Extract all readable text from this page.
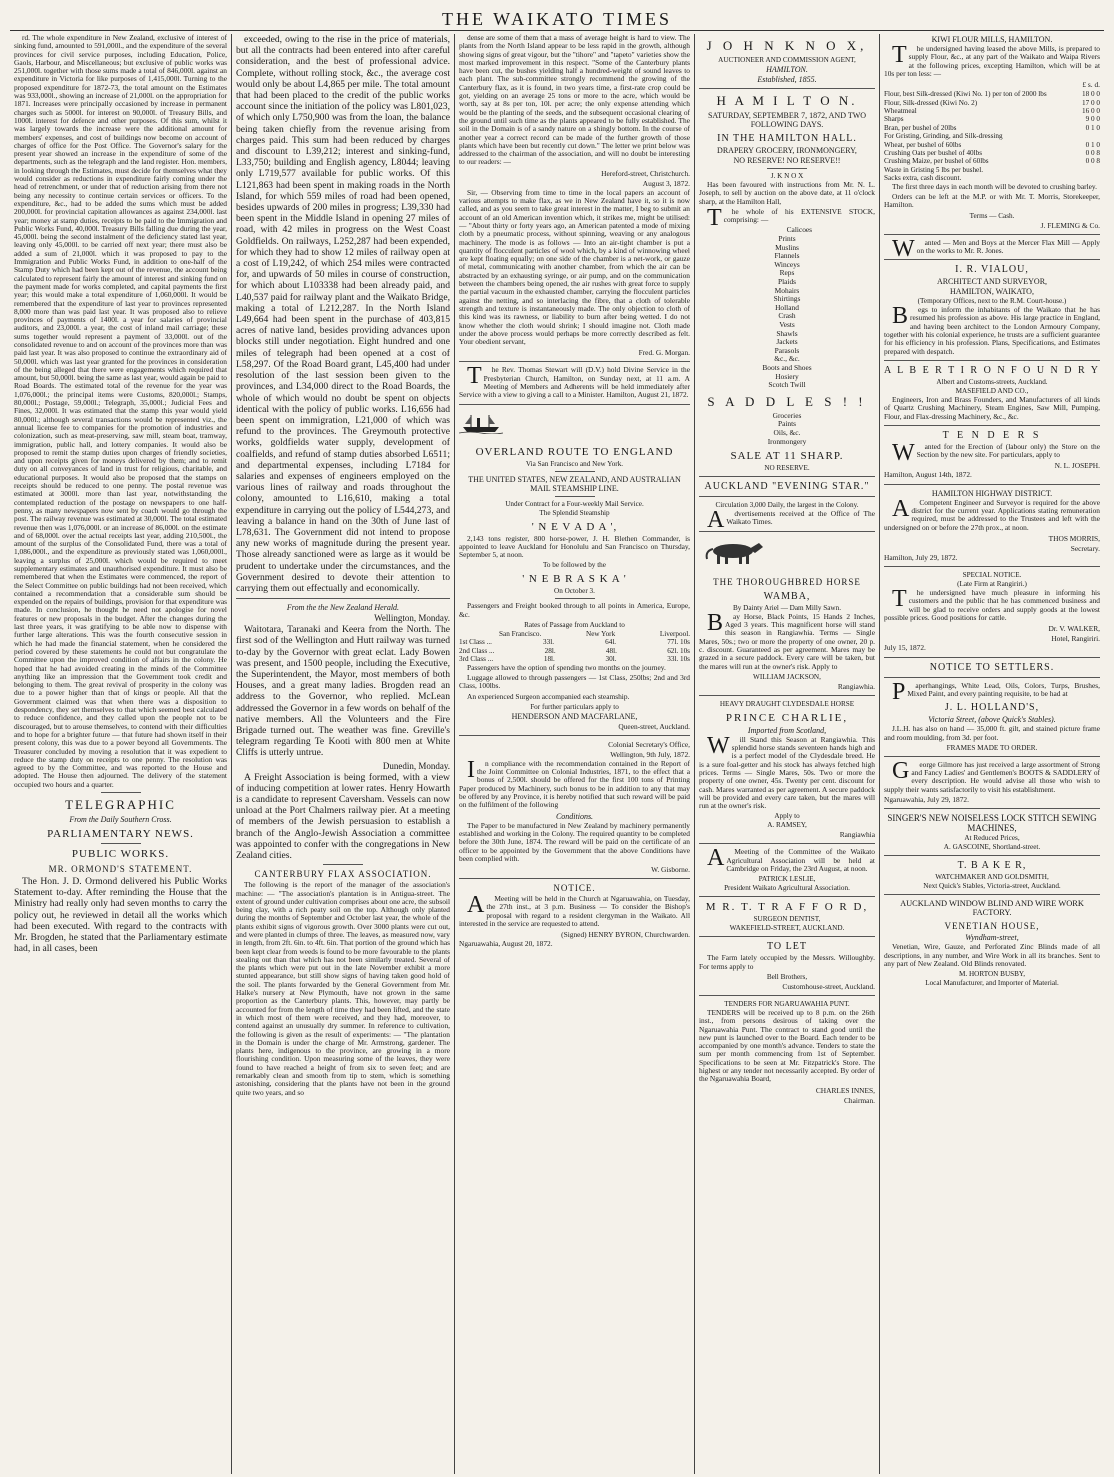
THE WAIKATO TIMES

rd. The whole expenditure in New Zealand, exclusive of interest of sinking fund, amounted to 591,000l., and the expenditure of the several provinces for civil service purposes, including Education, Police, Gaols, Harbour, and Miscellaneous; but exclusive of public works was 251,000l. together with those sums made a total of 846,000l. against an expenditure in Victoria for like purposes of 1,415,000l. Turning to the proposed expenditure for 1872-73, the total amount on the Estimates was 933,000l., showing an increase of 21,000l. on the appropriation for 1871. Increases were principally occasioned by increase in permanent charges such as 5000l. for interest on 90,000l. of Treasury Bills, and 1000l. interest for defence and other purposes. Of this sum, whilst it was largely towards the increase were the additional amount for members' expenses, and cost of buildings now become on account of charges of office for the Post Office. The Governor's salary for the present year showed an increase in the expenditure of some of the departments, such as the telegraph and the land register. Hon. members, in looking through the Estimates, must decide for themselves what they would consider as reductions in expenditure fairly coming under the head of retrenchment, or under that of reduction arising from there not being any necessity to continue certain services or officers. To the expenditure, &c., had to be added the sums which must be added 200,000l. for provincial capitation allowances as against 234,000l. last year; money at stamp duties, receipts to be paid to the Immigration and Public Works Fund, 40,000l. Treasury Bills falling due during the year, 45,000l. being the second instalment of the deficiency stated last year, leaving only 45,000l. to be carried off next year; there must also be added a sum of 21,000l. which it was proposed to pay to the Immigration and Public Works Fund, in addition to one-half of the Stamp Duty which had been kept out of the revenue, the account being calculated to represent fairly the amount of interest and sinking fund on the payment made for works completed, and capital payments the first year; this would make a total expenditure of 1,060,000l. It would be remembered that the expenditure of last year to provinces represented 8,000 more than was paid last year. It was proposed also to relieve provinces of payments of 1400l. a year for salaries of provincial auditors, and 23,000l. a year, the cost of inland mail carriage; these sums together would represent a payment of 33,000l. out of the consolidated revenue to and on account of the provinces more than was paid last year. It was also proposed to continue the extraordinary aid of 50,000l. which was last year granted for the provinces in consideration of the being alleged that there were engagements which required that amount, but 50,000l. being the same as last year, would again be paid to Road Boards. The estimated total of the revenue for the year was 1,076,000l.; the principal items were Customs, 820,000l.; Stamps, 80,000l.; Postage, 59,000l.; Telegraph, 35,000l.; Judicial Fees and Fines, 32,000l. It was estimated that the stamp this year would yield 80,000l.; although several transactions would be represented viz., the annual license fee to companies for the promotion of industries and colonization, such as meat-preserving, saw mill, steam boat, tramway, immigration, public hall, and lottery companies. It would also be proposed to remit the stamp duties upon charges of friendly societies, and upon receipts given for moneys delivered by them; and to remit duty on all conveyances of land in trust for religious, charitable, and educational purposes. It would also be proposed that the stamps on receipts should be reduced to one penny. The postal revenue was estimated at 3000l. more than last year, notwithstanding the contemplated reduction of the postage on newspapers to one half-penny, as many newspapers now sent by coach would go through the post. The railway revenue was estimated at 30,000l. The total estimated revenue then was 1,076,000l. or an increase of 86,000l. on the estimate and of 68,000l. over the actual receipts last year, adding 210,500l., the amount of the surplus of the Consolidated Fund, there was a total of 1,086,000l., and the expenditure as previously stated was 1,060,000l., leaving a surplus of 25,000l. which would be required to meet supplementary estimates and unauthorised expenditure. It must also be remembered that when the Estimates were commenced, the report of the Select Committee on public buildings had not been received, which contained a recommendation that a considerable sum should be expended on the repairs of buildings, provision for that expenditure was made. In conclusion, he thought he need not apologise for novel features or new proposals in the budget. After the changes during the last three years, it was gratifying to be able now to dispense with further large alterations. This was the fourth consecutive session in which he had made the financial statement, when he considered the period covered by these statements he could not but congratulate the Committee upon the improved condition of affairs in the colony. He hoped that he had avoided creating in the minds of the Committee anything like an impression that the Government took credit and belonging to them. The great revival of prosperity in the colony was due to a power higher than that of kings or people. All that the Government claimed was that when there was a disposition to despondency, they set themselves to that which seemed best calculated to reduce confidence, and they called upon the people not to be discouraged, but to arouse themselves, to contend with their difficulties and to hope for a brighter future — that future had shown itself in their present colony, this was due to a power beyond all Governments. The Treasurer concluded by moving a resolution that it was expedient to reduce the stamp duty on receipts to one penny. The resolution was agreed to by the Committee, and was reported to the House and adopted. The House then adjourned. The delivery of the statement occupied two hours and a quarter.

TELEGRAPHIC
From the Daily Southern Cross.
PARLIAMENTARY NEWS.
PUBLIC WORKS.
MR. ORMOND'S STATEMENT.

The Hon. J. D. Ormond delivered his Public Works Statement to-day. After reminding the House that the Ministry had really only had seven months to carry the policy out, he reviewed in detail all the works which had been executed. With regard to the contracts with Mr. Brogden, he stated that the Parliamentary estimate had, in all cases, been

exceeded, owing to the rise in the price of materials, but all the contracts had been entered into after careful consideration, and the best of professional advice. Complete, without rolling stock, &c., the average cost would only be about L4,865 per mile. The total amount that had been placed to the credit of the public works account since the initiation of the policy was L801,023, of which only L750,900 was from the loan, the balance being taken chiefly from the revenue arising from charges paid. This sum had been reduced by charges and discount to L39,212; interest and sinking-fund, L33,750; building and English agency, L8044; leaving only L719,577 available for public works. Of this L121,863 had been spent in making roads in the North Island, for which 559 miles of road had been opened, besides upwards of 200 miles in progress; L39,330 had been spent in the Middle Island in opening 27 miles of road, with 42 miles in progress on the West Coast Goldfields. On railways, L252,287 had been expended, for which they had to show 12 miles of railway open at a cost of L19,242, of which 254 miles were contracted for, and upwards of 50 miles in course of construction, for which about L103338 had been already paid, and L40,537 paid for railway plant and the Waikato Bridge, making a total of L212,287. In the North Island L49,664 had been spent in the purchase of 403,815 acres of native land, besides providing advances upon blocks still under negotiation. Eight hundred and one miles of telegraph had been opened at a cost of L58,297. Of the Road Board grant, L45,400 had under resolution of the last session been given to the provinces, and L34,000 direct to the Road Boards, the whole of which would no doubt be spent on objects identical with the policy of public works. L16,656 had been spent on immigration, L21,000 of which was refund to the provinces. The Greymouth protective works, goldfields water supply, development of coalfields, and refund of stamp duties absorbed L6511; and departmental expenses, including L7184 for salaries and expenses of engineers employed on the various lines of railway and roads throughout the colony, amounted to L16,610, making a total expenditure in carrying out the policy of L544,273, and leaving a balance in hand on the 30th of June last of L78,631. The Government did not intend to propose any new works of magnitude during the present year. Those already sanctioned were as large as it would be prudent to undertake under the circumstances, and the Government desired to devote their attention to carrying them out effectually and economically.

From the the New Zealand Herald.
Wellington, Monday.

Waitotara, Taranaki and Keera from the North. The first sod of the Wellington and Hutt railway was turned to-day by the Governor with great eclat. Lady Bowen was present, and 1500 people, including the Executive, the Superintendent, the Mayor, most members of both Houses, and a great many ladies. Brogden read an address to the Governor, who replied. McLean addressed the Governor in a few words on behalf of the native members. All the Volunteers and the Fire Brigade turned out. The weather was fine. Greville's telegram regarding Te Kooti with 800 men at White Cliffs is utterly untrue.

Dunedin, Monday.

A Freight Association is being formed, with a view of inducing competition at lower rates. Henry Howarth is a candidate to represent Caversham. Vessels can now unload at the Port Chalmers railway pier. At a meeting of members of the Jewish persuasion to establish a branch of the Anglo-Jewish Association a committee was appointed to confer with the congregations in New Zealand cities.

CANTERBURY FLAX ASSOCIATION.

The following is the report of the manager of the association's machine: — "The association's plantation is in Antigua-street. The extent of ground under cultivation comprises about one acre, the subsoil being clay, with a rich peaty soil on the top. Although only planted during the months of September and October last year, the whole of the plants exhibit signs of vigorous growth. Over 3000 plants were cut out, and were planted in clumps of three. The leaves, as measured now, vary in length, from 2ft. 6in. to 4ft. 6in. That portion of the ground which has been kept clear from weeds is found to be more favourable to the plants stealing out than that which has not been similarly treated. Several of the plants which were put out in the late November exhibit a more stunted appearance, but still show signs of having taken good hold of the soil. The plants forwarded by the General Government from Mr. Halke's nursery at New Plymouth, have not grown in the same proportion as the Canterbury plants. This, however, may partly be accounted for from the length of time they had been lifted, and the state in which most of them were received, and they had, moreover, to contend against an unusually dry summer. In reference to cultivation, the following is given as the result of experiments: — "The plantation in the Domain is under the charge of Mr. Armstrong, gardener. The plants here, indigenous to the province, are growing in a more flourishing condition. Upon measuring some of the leaves, they were found to have reached a height of from six to seven feet; and are remarkably clean and smooth from tip to stem, which is something astonishing, considering that the plants have not been in the ground quite two years, and so

dense are some of them that a mass of average height is hard to view. The plants from the North Island appear to be less rapid in the growth, although showing signs of great vigour, but the "tihore" and "tapeto" varieties show the most marked improvement in this respect. "Some of the Canterbury plants have been cut, the bushes yielding half a hundred-weight of sound leaves to each plant. The sub-committee strongly recommend the growing of the Canterbury flax, as it is found, in two years time, a first-rate crop could be got, yielding on an average 25 tons or more to the acre, which would be worth, say at 8s per ton, 10l. per acre; the only expense attending which would be the planting of the seeds, and the subsequent occasional clearing of the ground until such time as the plants appeared to be fully established. The soil in the Domain is of a sandy nature on a shingly bottom. In the course of another year a correct record can be made of the further growth of those plants which have been but recently cut down." The letter we print below was addressed to the chairman of the association, and will no doubt be interesting to our readers: —

Hereford-street, Christchurch.
August 3, 1872.

Sir, — Observing from time to time in the local papers an account of various attempts to make flax, as we in New Zealand have it, so it is now called, and as you seem to take great interest in the matter, I beg to submit an account of an old American invention which, it strikes me, might be utilised: — "About thirty or forty years ago, an American patented a mode of mixing cloth by a pneumatic process, without spinning, weaving or any analogous machinery. The mode is as follows — Into an air-tight chamber is put a quantity of flocculent particles of wool which, by a kind of winnowing wheel are kept floating equally; on one side of the chamber is a net-work, or gauze of metal, communicating with another chamber, from which the air can be abstracted by an exhausting syringe, or air pump, and on the communication between the chambers being opened, the air rushes with great force to supply the partial vacuum in the exhausted chamber, carrying the flocculent particles against the netting, and so interlacing the fibre, that a cloth of tolerable strength and texture is instantaneously made. The only objection to cloth of this kind was its rawness, or liability to burn after being wetted. I do not know whether the cloth would shrink; I should imagine not. Cloth made under the above process would perhaps be more correctly described as felt. Your obedient servant,

Fred. G. Morgan.

The Rev. Thomas Stewart will (D.V.) hold Divine Service in the Presbyterian Church, Hamilton, on Sunday next, at 11 a.m. A Meeting of Members and Adherents will be held immediately after Service with a view to giving a call to a Minister. Hamilton, August 21, 1872.

OVERLAND ROUTE TO ENGLAND
Via San Francisco and New York.
THE UNITED STATES, NEW ZEALAND, AND AUSTRALIAN MAIL STEAMSHIP LINE.
Under Contract for a Four-weekly Mail Service.
The Splendid Steamship
' N E V A D A ',

2,143 tons register, 800 horse-power, J. H. Blethen Commander, is appointed to leave Auckland for Honolulu and San Francisco on Thursday, September 5, at noon.

To be followed by the
' N E B R A S K A '
On October 3.

Passengers and Freight booked through to all points in America, Europe, &c.

Rates of Passage from Auckland to
San Francisco.	New York	Liverpool.
1st Class ...	33l.	64l.	77l. 10s
2nd Class ...	28l.	48l.	62l. 10s
3rd Class ...	18l.	30l.	33l. 10s

Passengers have the option of spending two months on the journey.

Luggage allowed to through passengers — 1st Class, 250lbs; 2nd and 3rd Class, 100lbs.

An experienced Surgeon accompanied each steamship.

For further particulars apply to
HENDERSON AND MACFARLANE,
Queen-street, Auckland.
Colonial Secretary's Office,
Wellington, 9th July, 1872.

In compliance with the recommendation contained in the Report of the Joint Committee on Colonial Industries, 1871, to the effect that a bonus of 2,500l. should be offered for the first 100 tons of Printing Paper produced by Machinery, such bonus to be in addition to any that may be offered by any Province, it is hereby notified that such reward will be paid on the fulfilment of the following

Conditions.

The Paper to be manufactured in New Zealand by machinery permanently established and working in the Colony. The required quantity to be completed before the 30th June, 1874. The reward will be paid on the certificate of an officer to be appointed by the Government that the above Conditions have been complied with.

W. Gisborne.
NOTICE.

AMeeting will be held in the Church at Ngaruawahia, on Tuesday, the 27th inst., at 3 p.m. Business — To consider the Bishop's proposal with regard to a resident clergyman in the Waikato. All interested in the service are requested to attend.

(Signed) HENRY BYRON, Churchwarden.
Ngaruawahia, August 20, 1872.
J O H N K N O X,
AUCTIONEER AND COMMISSION AGENT,
HAMILTON.
Established, 1855.
H A M I L T O N.
SATURDAY, SEPTEMBER 7, 1872, AND TWO FOLLOWING DAYS.
IN THE HAMILTON HALL.
DRAPERY GROCERY, IRONMONGERY,
NO RESERVE! NO RESERVE!!
J. K N O X

Has been favoured with instructions from Mr. N. L. Joseph, to sell by auction on the above date, at 11 o'clock sharp, at the Hamilton Hall,

The whole of his EXTENSIVE STOCK, comprising: —

Calicoes
Prints
Muslins
Flannels
Winceys
Reps
Plaids
Mohairs
Shirtings
Holland
Crash
Vests
Shawls
Jackets
Parasols
&c., &c.
Boots and Shoes
Hosiery
Scotch Twill
S A D D L E S ! !
Groceries
Paints
Oils, &c.
Ironmongery
SALE AT 11 SHARP.
NO RESERVE.
AUCKLAND "EVENING STAR."
Circulation 3,000 Daily, the largest in the Colony.

Advertisements received at the Office of The Waikato Times.

THE THOROUGHBRED HORSE
WAMBA,
By Dainty Ariel — Dam Milly Sawn.

Bay Horse, Black Points, 15 Hands 2 Inches, Aged 3 years. This magnificent horse will stand this season in Rangiawhia. Terms — Single Mares, 50s.; two or more the property of one owner, 20 p. c. discount. Guaranteed as per agreement. Mares may be grazed in a secure paddock. Every care will be taken, but the mares will run at the owner's risk. Apply to

WILLIAM JACKSON,
Rangiawhia.
HEAVY DRAUGHT CLYDESDALE HORSE
PRINCE CHARLIE,
Imported from Scotland,

Will Stand this Season at Rangiawhia. This splendid horse stands seventeen hands high and is a perfect model of the Clydesdale breed. He is a sure foal-getter and his stock has always fetched high prices. Terms — Single Mares, 50s. Two or more the property of one owner, 45s. Twenty per cent. discount for cash. Mares warranted as per agreement. A secure paddock will be provided and every care taken, but the mares will run at the owner's risk.

Apply to
A. RAMSEY,
Rangiawhia

AMeeting of the Committee of the Waikato Agricultural Association will be held at Cambridge on Friday, the 23rd August, at noon.

PATRICK LESLIE,
President Waikato Agricultural Association.
M R. T. T R A F F O R D,
SURGEON DENTIST,
WAKEFIELD-STREET, AUCKLAND.
TO LET

The Farm lately occupied by the Messrs. Willoughby. For terms apply to

Bell Brothers,
Customhouse-street, Auckland.
TENDERS FOR NGARUAWAHIA PUNT.

TENDERS will be received up to 8 p.m. on the 26th inst., from persons desirous of taking over the Ngaruawahia Punt. The contract to stand good until the new punt is launched over to the Board. Each tender to be accompanied by one month's advance. Tenders to state the sum per month commencing from 1st of September. Specifications to be seen at Mr. Fitzpatrick's Store. The highest or any tender not necessarily accepted. By order of the Ngaruawahia Board,

CHARLES INNES,
Chairman.
KIWI FLOUR MILLS, HAMILTON.

The undersigned having leased the above Mills, is prepared to supply Flour, &c., at any part of the Waikato and Waipa Rivers at the following prices, excepting Hamilton, which will be at 10s per ton less: —

£ s. d.
Flour, best Silk-dressed (Kiwi No. 1) per ton of 2000 lbs	18 0 0
Flour, Silk-dressed (Kiwi No. 2)	17 0 0
Wheatmeal	16 0 0
Sharps	9 0 0
Bran, per bushel of 20lbs	0 1 0
For Gristing, Grinding, and Silk-dressing
Wheat, per bushel of 60lbs	0 1 0
Crushing Oats per bushel of 40lbs	0 0 8
Crushing Maize, per bushel of 60lbs	0 0 8
Waste in Gristing 5 lbs per bushel.
Sacks extra, cash discount.

The first three days in each month will be devoted to crushing barley.

Orders can be left at the M.P. or with Mr. T. Morris, Storekeeper, Hamilton.

Terms — Cash.
J. FLEMING & Co.

Wanted — Men and Boys at the Mercer Flax Mill — Apply on the works to Mr. R. Jones.

I. R. VIALOU,
ARCHITECT AND SURVEYOR,
HAMILTON, WAIKATO,
(Temporary Offices, next to the R.M. Court-house.)

Begs to inform the inhabitants of the Waikato that he has resumed his profession as above. His large practice in England, and having been architect to the London Armoury Company, together with his colonial experience, he trusts are a sufficient guarantee for his efficiency in his profession. Plans, Specifications, and Estimates prepared with despatch.

A L B E R T I R O N F O U N D R Y
Albert and Customs-streets, Auckland.
MASEFIELD AND CO.,

Engineers, Iron and Brass Founders, and Manufacturers of all kinds of Quartz Crushing Machinery, Steam Engines, Saw Mill, Pumping, Flour, and Flax-dressing Machinery, &c., &c.

T E N D E R S

Wanted for the Erection of (labour only) the Store on the Section by the new site. For particulars, apply to

N. L. JOSEPH.
Hamilton, August 14th, 1872.
HAMILTON HIGHWAY DISTRICT.

ACompetent Engineer and Surveyor is required for the above district for the current year. Applications stating remuneration required, must be addressed to the Trustees and left with the undersigned on or before the 27th prox., at noon.

THOS MORRIS,
Secretary.
Hamilton, July 29, 1872.
SPECIAL NOTICE.
(Late Firm at Rangiriri.)

The undersigned have much pleasure in informing his customers and the public that he has commenced business and will be glad to receive orders and supply goods at the lowest possible prices. Good positions for cattle.

Dr. V. WALKER,
Hotel, Rangiriri.
July 15, 1872.
NOTICE TO SETTLERS.

Paperhangings, White Lead, Oils, Colors, Turps, Brushes, Mixed Paint, and every painting requisite, to be had at

J. L. HOLLAND'S,
Victoria Street, (above Quick's Stables).

J.L.H. has also on hand — 35,000 ft. gilt, and stained picture frame and room moulding, from 3d. per foot.

FRAMES MADE TO ORDER.

George Gilmore has just received a large assortment of Strong and Fancy Ladies' and Gentlemen's BOOTS & SADDLERY of every description. He would advise all those who wish to supply their wants satisfactorily to visit his establishment.

Ngaruawahia, July 29, 1872.
SINGER'S NEW NOISELESS LOCK STITCH SEWING MACHINES,
At Reduced Prices,
A. GASCOINE, Shortland-street.
T. B A K E R,
WATCHMAKER AND GOLDSMITH,
Next Quick's Stables, Victoria-street, Auckland.
AUCKLAND WINDOW BLIND AND WIRE WORK FACTORY.
VENETIAN HOUSE,
Wyndham-street,

Venetian, Wire, Gauze, and Perforated Zinc Blinds made of all descriptions, in any number, and Wire Work in all its branches. Sent to any part of New Zealand. Old Blinds renovated.

M. HORTON BUSBY,
Local Manufacturer, and Importer of Material.
